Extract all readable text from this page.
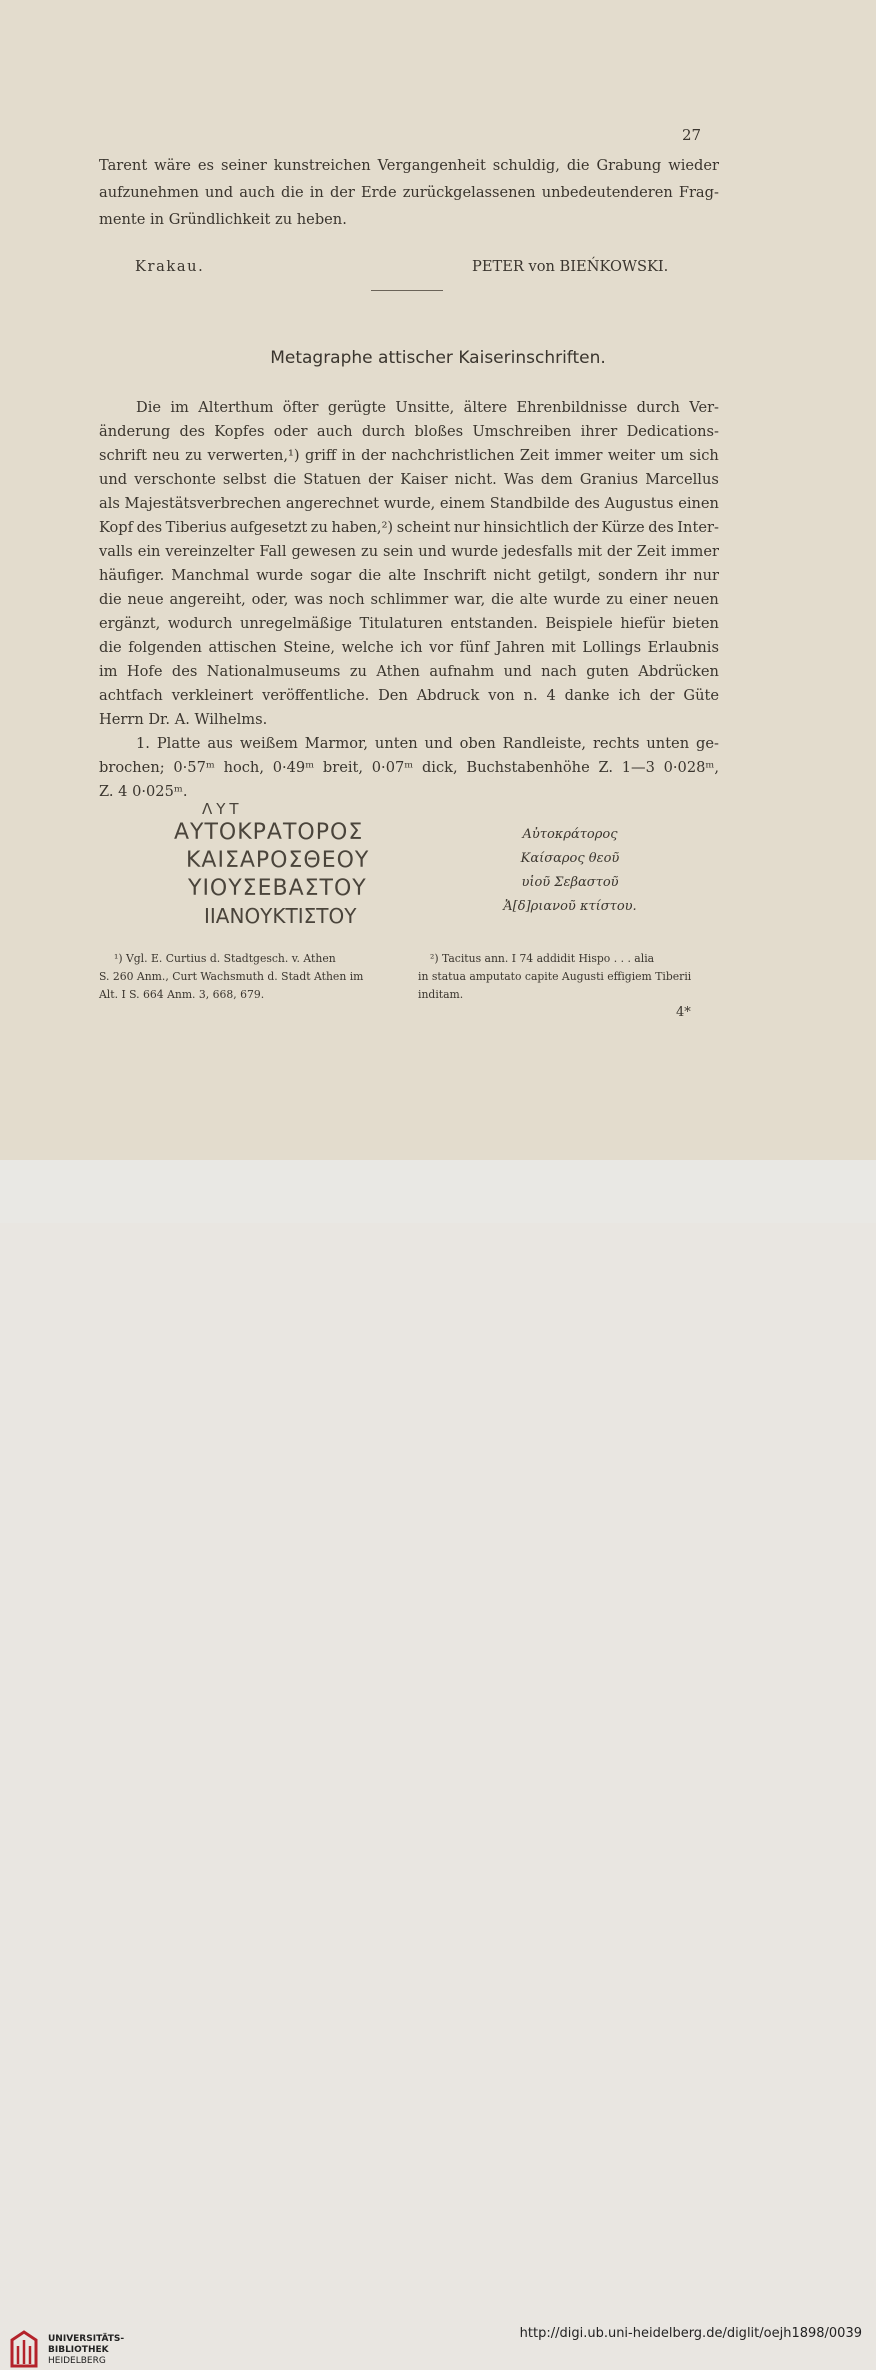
27
Tarent wäre es seiner kunstreichen Vergangenheit schuldig, die Grabung wieder
aufzunehmen und auch die in der Erde zurückgelassenen unbedeutenderen Frag-
mente in Gründlichkeit zu heben.
Krakau.	PETER von BIEŃKOWSKI.
Metagraphe attischer Kaiserinschriften.
Die im Alterthum öfter gerügte Unsitte, ältere Ehrenbildnisse durch Ver-
änderung des Kopfes oder auch durch bloßes Umschreiben ihrer Dedications-
schrift neu zu verwerten,¹) griff in der nachchristlichen Zeit immer weiter um sich
und verschonte selbst die Statuen der Kaiser nicht. Was dem Granius Marcellus
als Majestätsverbrechen angerechnet wurde, einem Standbilde des Augustus einen
Kopf des Tiberius aufgesetzt zu haben,²) scheint nur hinsichtlich der Kürze des Inter-
valls ein vereinzelter Fall gewesen zu sein und wurde jedesfalls mit der Zeit immer
häufiger. Manchmal wurde sogar die alte Inschrift nicht getilgt, sondern ihr nur
die neue angereiht, oder, was noch schlimmer war, die alte wurde zu einer neuen
ergänzt, wodurch unregelmäßige Titulaturen entstanden. Beispiele hiefür bieten
die folgenden attischen Steine, welche ich vor fünf Jahren mit Lollings Erlaubnis
im Hofe des Nationalmuseums zu Athen aufnahm und nach guten Abdrücken
achtfach verkleinert veröffentliche. Den Abdruck von n. 4 danke ich der Güte
Herrn Dr. A. Wilhelms.
1. Platte aus weißem Marmor, unten und oben Randleiste, rechts unten ge-
brochen; 0·57ᵐ hoch, 0·49ᵐ breit, 0·07ᵐ dick, Buchstabenhöhe Z. 1—3 0·028ᵐ,
Z. 4 0·025ᵐ.
ΛΥΤ
ΑΥΤΟΚΡΑΤΟΡΟΣ
ΚΑΙΣΑΡΟΣΘΕΟΥ
ΥΙΟΥΣΕΒΑΣΤΟΥ
ΙΙΑΝΟΥΚΤΙΣΤΟΥ
Αὐτοκράτορος
Καίσαρος θεοῦ
υἱοῦ Σεβαστοῦ
Ἀ[δ]ριανοῦ κτίστου.
¹) Vgl. E. Curtius d. Stadtgesch. v. Athen
S. 260 Anm., Curt Wachsmuth d. Stadt Athen im
Alt. I S. 664 Anm. 3, 668, 679.
²) Tacitus ann. I 74 addidit Hispo . . . alia
in statua amputato capite Augusti effigiem Tiberii
inditam.
4*
UNIVERSITÄTS-
BIBLIOTHEK
HEIDELBERG
http://digi.ub.uni-heidelberg.de/diglit/oejh1898/0039
